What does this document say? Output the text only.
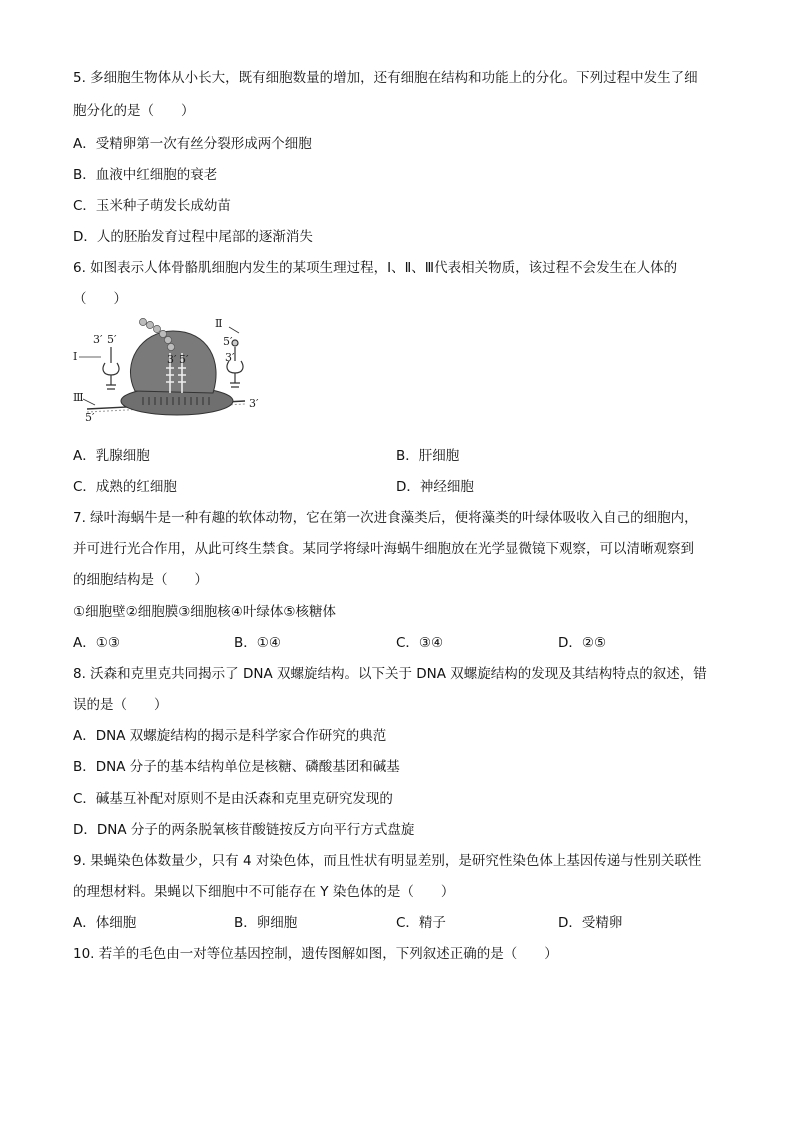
5. 多细胞生物体从小长大，既有细胞数量的增加，还有细胞在结构和功能上的分化。下列过程中发生了细
胞分化的是（　　）
A．受精卵第一次有丝分裂形成两个细胞
B．血液中红细胞的衰老
C．玉米种子萌发长成幼苗
D．人的胚胎发育过程中尾部的逐渐消失
6. 如图表示人体骨骼肌细胞内发生的某项生理过程，Ⅰ、Ⅱ、Ⅲ代表相关物质，该过程不会发生在人体的
（　　）
Ⅰ
3′ 5′
Ⅱ
5′
3′
3′ 5′
Ⅲ
5′
3′
A．乳腺细胞	B．肝细胞
C．成熟的红细胞	D．神经细胞
7. 绿叶海蜗牛是一种有趣的软体动物，它在第一次进食藻类后，便将藻类的叶绿体吸收入自己的细胞内，
并可进行光合作用，从此可终生禁食。某同学将绿叶海蜗牛细胞放在光学显微镜下观察，可以清晰观察到
的细胞结构是（　　）
①细胞壁②细胞膜③细胞核④叶绿体⑤核糖体
A．①③	B．①④	C．③④	D．②⑤
8. 沃森和克里克共同揭示了 DNA 双螺旋结构。以下关于 DNA 双螺旋结构的发现及其结构特点的叙述，错
误的是（　　）
A．DNA 双螺旋结构的揭示是科学家合作研究的典范
B．DNA 分子的基本结构单位是核糖、磷酸基团和碱基
C．碱基互补配对原则不是由沃森和克里克研究发现的
D．DNA 分子的两条脱氧核苷酸链按反方向平行方式盘旋
9. 果蝇染色体数量少，只有 4 对染色体，而且性状有明显差别，是研究性染色体上基因传递与性别关联性
的理想材料。果蝇以下细胞中不可能存在 Y 染色体的是（　　）
A．体细胞	B．卵细胞	C．精子	D．受精卵
10. 若羊的毛色由一对等位基因控制，遗传图解如图，下列叙述正确的是（　　）
